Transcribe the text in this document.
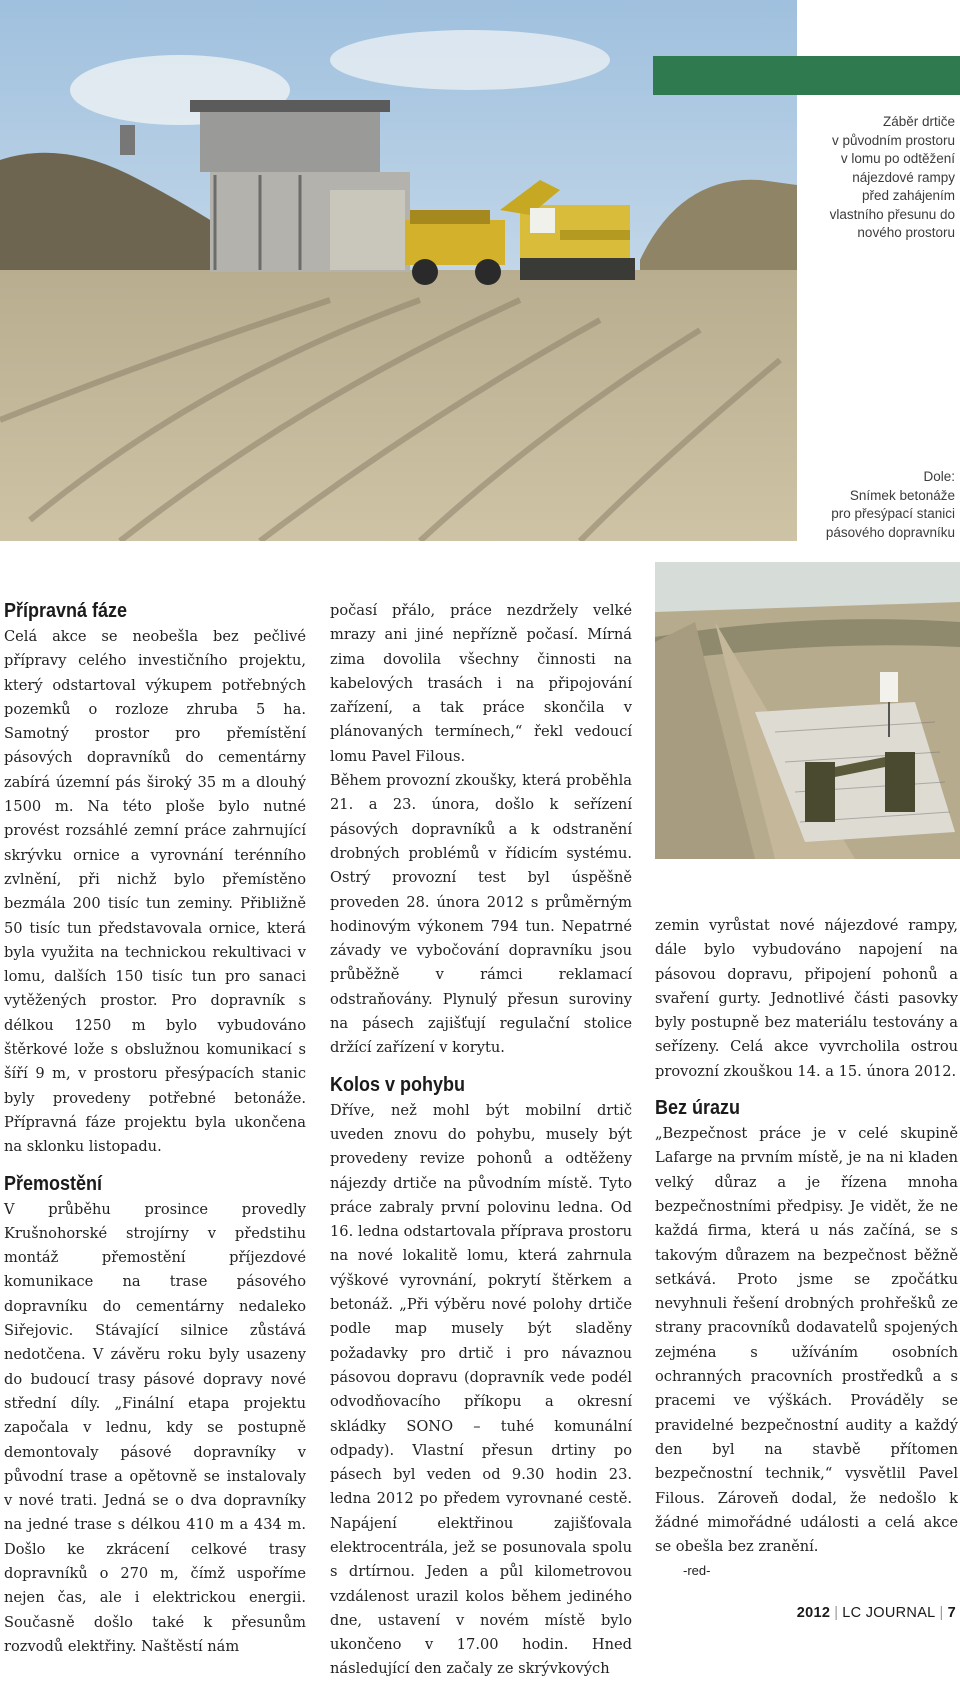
Záběr drtiče

v původním prostoru

v lomu po odtěžení

nájezdové rampy

před zahájením

vlastního přesunu do

nového prostoru

Dole:

Snímek betonáže

pro přesýpací stanici

pásového dopravníku

Přípravná fáze

Celá akce se neobešla bez pečlivé přípravy celého investičního projektu, který odstartoval výkupem potřebných pozemků o rozloze zhruba 5 ha. Samotný prostor pro přemístění pásových dopravníků do cementárny zabírá územní pás široký 35 m a dlouhý 1500 m. Na této ploše bylo nutné provést rozsáhlé zemní práce zahrnující skrývku ornice a vyrovnání terénního zvlnění, při nichž bylo přemístěno bezmála 200 tisíc tun zeminy. Přibližně 50 tisíc tun představovala ornice, která byla využita na technickou rekultivaci v lomu, dalších 150 tisíc tun pro sanaci vytěžených prostor. Pro dopravník s délkou 1250 m bylo vybudováno štěrkové lože s obslužnou komunikací s šíří 9 m, v prostoru přesýpacích stanic byly provedeny potřebné betonáže. Přípravná fáze projektu byla ukončena na sklonku listopadu.

Přemostění

V průběhu prosince provedly Krušnohorské strojírny v předstihu montáž přemostění příjezdové komunikace na trase pásového dopravníku do cementárny nedaleko Siřejovic. Stávající silnice zůstává nedotčena. V závěru roku byly usazeny do budoucí trasy pásové dopravy nové střední díly. „Finální etapa projektu započala v lednu, kdy se postupně demontovaly pásové dopravníky v původní trase a opětovně se instalovaly v nové trati. Jedná se o dva dopravníky na jedné trase s délkou 410 m a 434 m. Došlo ke zkrácení celkové trasy dopravníků o 270 m, čímž uspoříme nejen čas, ale i elektrickou energii. Současně došlo také k přesunům rozvodů elektřiny. Naštěstí nám

počasí přálo, práce nezdržely velké mrazy ani jiné nepřízně počasí. Mírná zima dovolila všechny činnosti na kabelových trasách i na připojování zařízení, a tak práce skončila v plánovaných termínech,“ řekl vedoucí lomu Pavel Filous.

Během provozní zkoušky, která proběhla 21. a 23. února, došlo k seřízení pásových dopravníků a k odstranění drobných problémů v řídicím systému. Ostrý provozní test byl úspěšně proveden 28. února 2012 s průměrným hodinovým výkonem 794 tun. Nepatrné závady ve vybočování dopravníku jsou průběžně v rámci reklamací odstraňovány. Plynulý přesun suroviny na pásech zajišťují regulační stolice držící zařízení v korytu.

Kolos v pohybu

Dříve, než mohl být mobilní drtič uveden znovu do pohybu, musely být provedeny revize pohonů a odtěženy nájezdy drtiče na původním místě. Tyto práce zabraly první polovinu ledna. Od 16. ledna odstartovala příprava prostoru na nové lokalitě lomu, která zahrnula výškové vyrovnání, pokrytí štěrkem a betonáž. „Při výběru nové polohy drtiče podle map musely být sladěny požadavky pro drtič i pro návaznou pásovou dopravu (dopravník vede podél odvodňovacího příkopu a okresní skládky SONO – tuhé komunální odpady). Vlastní přesun drtiny po pásech byl veden od 9.30 hodin 23. ledna 2012 po předem vyrovnané cestě. Napájení elektřinou zajišťovala elektrocentrála, jež se posunovala spolu s drtírnou. Jeden a půl kilometrovou vzdálenost urazil kolos během jediného dne, ustavení v novém místě bylo ukončeno v 17.00 hodin. Hned následující den začaly ze skrývkových

zemin vyrůstat nové nájezdové rampy, dále bylo vybudováno napojení na pásovou dopravu, připojení pohonů a svaření gurty. Jednotlivé části pasovky byly postupně bez materiálu testovány a seřízeny. Celá akce vyvrcholila ostrou provozní zkouškou 14. a 15. února 2012.

Bez úrazu

„Bezpečnost práce je v celé skupině Lafarge na prvním místě, je na ni kladen velký důraz a je řízena mnoha bezpečnostními předpisy. Je vidět, že ne každá firma, která u nás začíná, se s takovým důrazem na bezpečnost běžně setkává. Proto jsme se zpočátku nevyhnuli řešení drobných prohřešků ze strany pracovníků dodavatelů spojených zejména s užíváním osobních ochranných pracovních prostředků a s pracemi ve výškách. Prováděly se pravidelné bezpečnostní audity a každý den byl na stavbě přítomen bezpečnostní technik,“ vysvětlil Pavel Filous. Zároveň dodal, že nedošlo k žádné mimořádné události a celá akce se obešla bez zranění.

-red-

2012 | LC JOURNAL | 7
